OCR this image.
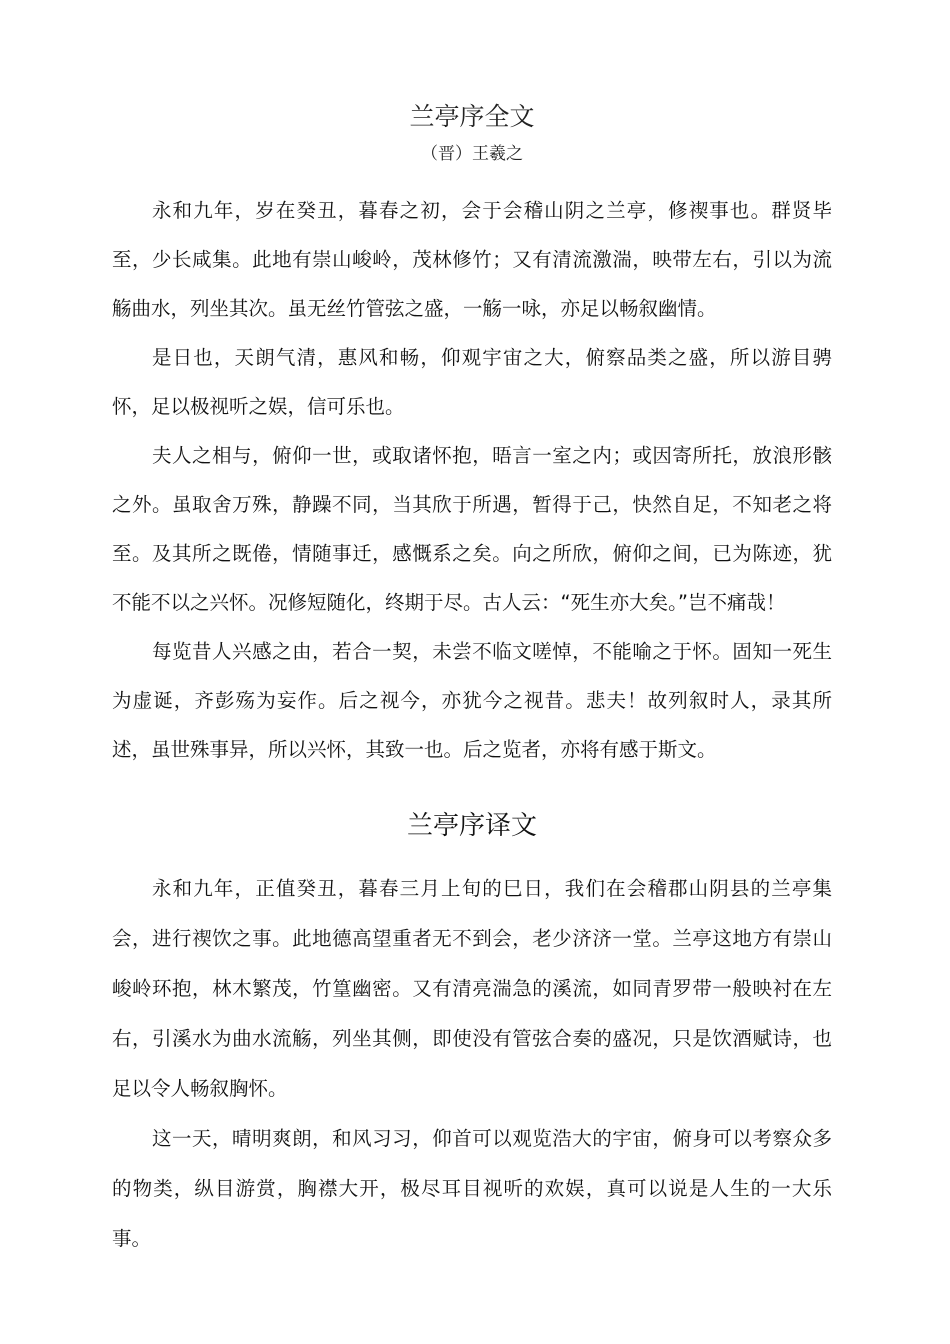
兰亭序全文
（晋）王羲之

永和九年，岁在癸丑，暮春之初，会于会稽山阴之兰亭，修禊事也。群贤毕至，少长咸集。此地有崇山峻岭，茂林修竹；又有清流激湍，映带左右，引以为流觞曲水，列坐其次。虽无丝竹管弦之盛，一觞一咏，亦足以畅叙幽情。

是日也，天朗气清，惠风和畅，仰观宇宙之大，俯察品类之盛，所以游目骋怀，足以极视听之娱，信可乐也。

夫人之相与，俯仰一世，或取诸怀抱，晤言一室之内；或因寄所托，放浪形骸之外。虽取舍万殊，静躁不同，当其欣于所遇，暂得于己，快然自足，不知老之将至。及其所之既倦，情随事迁，感慨系之矣。向之所欣，俯仰之间，已为陈迹，犹不能不以之兴怀。况修短随化，终期于尽。古人云：“死生亦大矣。”岂不痛哉！

每览昔人兴感之由，若合一契，未尝不临文嗟悼，不能喻之于怀。固知一死生为虚诞，齐彭殇为妄作。后之视今，亦犹今之视昔。悲夫！故列叙时人，录其所述，虽世殊事异，所以兴怀，其致一也。后之览者，亦将有感于斯文。

兰亭序译文

永和九年，正值癸丑，暮春三月上旬的巳日，我们在会稽郡山阴县的兰亭集会，进行禊饮之事。此地德高望重者无不到会，老少济济一堂。兰亭这地方有崇山峻岭环抱，林木繁茂，竹篁幽密。又有清亮湍急的溪流，如同青罗带一般映衬在左右，引溪水为曲水流觞，列坐其侧，即使没有管弦合奏的盛况，只是饮酒赋诗，也足以令人畅叙胸怀。

这一天，晴明爽朗，和风习习，仰首可以观览浩大的宇宙，俯身可以考察众多的物类，纵目游赏，胸襟大开，极尽耳目视听的欢娱，真可以说是人生的一大乐事。
